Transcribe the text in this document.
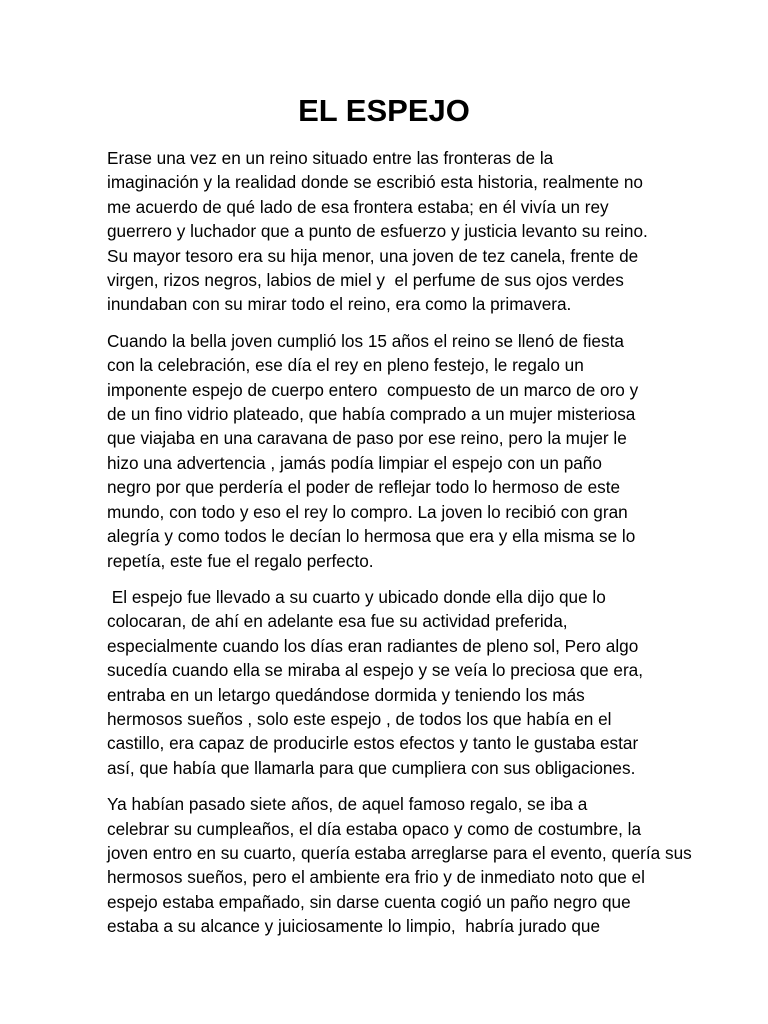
EL ESPEJO

Erase una vez en un reino situado entre las fronteras de la
imaginación y la realidad donde se escribió esta historia, realmente no
me acuerdo de qué lado de esa frontera estaba; en él vivía un rey
guerrero y luchador que a punto de esfuerzo y justicia levanto su reino.
Su mayor tesoro era su hija menor, una joven de tez canela, frente de
virgen, rizos negros, labios de miel y  el perfume de sus ojos verdes
inundaban con su mirar todo el reino, era como la primavera.

Cuando la bella joven cumplió los 15 años el reino se llenó de fiesta
con la celebración, ese día el rey en pleno festejo, le regalo un
imponente espejo de cuerpo entero  compuesto de un marco de oro y
de un fino vidrio plateado, que había comprado a un mujer misteriosa
que viajaba en una caravana de paso por ese reino, pero la mujer le
hizo una advertencia , jamás podía limpiar el espejo con un paño
negro por que perdería el poder de reflejar todo lo hermoso de este
mundo, con todo y eso el rey lo compro. La joven lo recibió con gran
alegría y como todos le decían lo hermosa que era y ella misma se lo
repetía, este fue el regalo perfecto.

El espejo fue llevado a su cuarto y ubicado donde ella dijo que lo
colocaran, de ahí en adelante esa fue su actividad preferida,
especialmente cuando los días eran radiantes de pleno sol, Pero algo
sucedía cuando ella se miraba al espejo y se veía lo preciosa que era,
entraba en un letargo quedándose dormida y teniendo los más
hermosos sueños , solo este espejo , de todos los que había en el
castillo, era capaz de producirle estos efectos y tanto le gustaba estar
así, que había que llamarla para que cumpliera con sus obligaciones.

Ya habían pasado siete años, de aquel famoso regalo, se iba a
celebrar su cumpleaños, el día estaba opaco y como de costumbre, la
joven entro en su cuarto, quería estaba arreglarse para el evento, quería sus
hermosos sueños, pero el ambiente era frio y de inmediato noto que el
espejo estaba empañado, sin darse cuenta cogió un paño negro que
estaba a su alcance y juiciosamente lo limpio,  habría jurado que
